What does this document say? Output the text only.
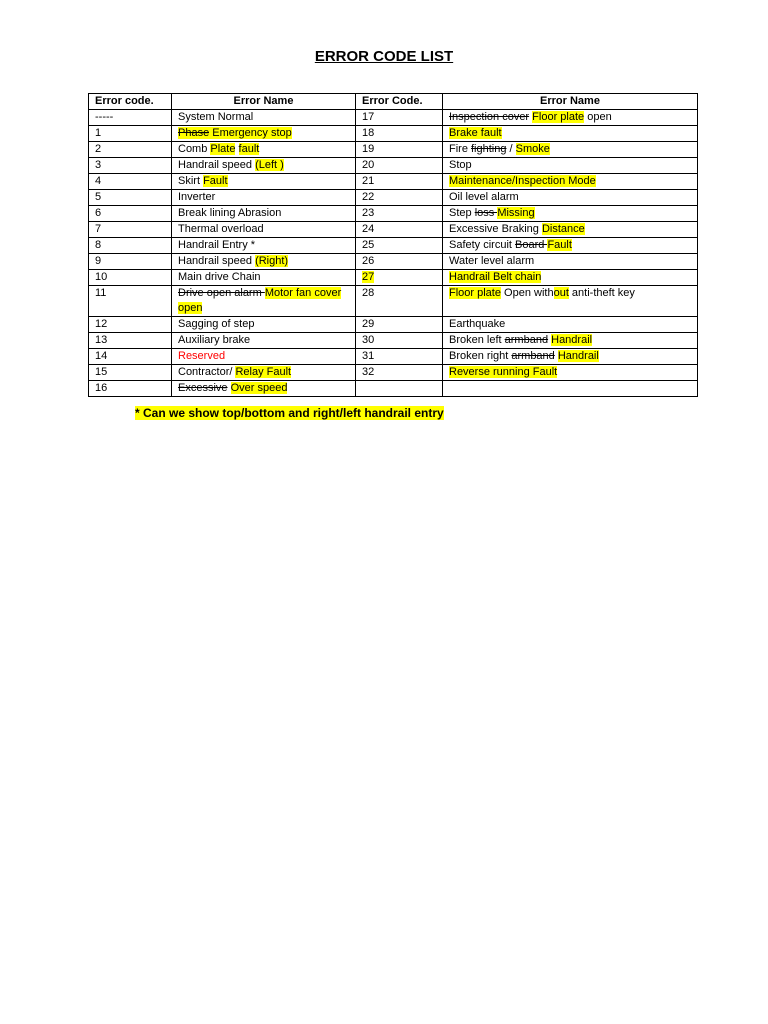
ERROR CODE LIST
Error code.	Error Name	Error Code.	Error Name
-----	System Normal	17	Inspection cover Floor plate open
1	Phase Emergency stop	18	Brake fault
2	Comb Plate fault	19	Fire fighting / Smoke
3	Handrail speed (Left )	20	Stop
4	Skirt Fault	21	Maintenance/Inspection Mode
5	Inverter	22	Oil level alarm
6	Break lining Abrasion	23	Step loss Missing
7	Thermal overload	24	Excessive Braking Distance
8	Handrail Entry *	25	Safety circuit Board Fault
9	Handrail speed (Right)	26	Water level alarm
10	Main drive Chain	27	Handrail Belt chain
11	Drive open alarm Motor fan cover open	28	Floor plate Open without anti-theft key
12	Sagging of step	29	Earthquake
13	Auxiliary brake	30	Broken left armband Handrail
14	Reserved	31	Broken right armband Handrail
15	Contractor/ Relay Fault	32	Reverse running Fault
16	Excessive Over speed		
* Can we show top/bottom and right/left handrail entry
